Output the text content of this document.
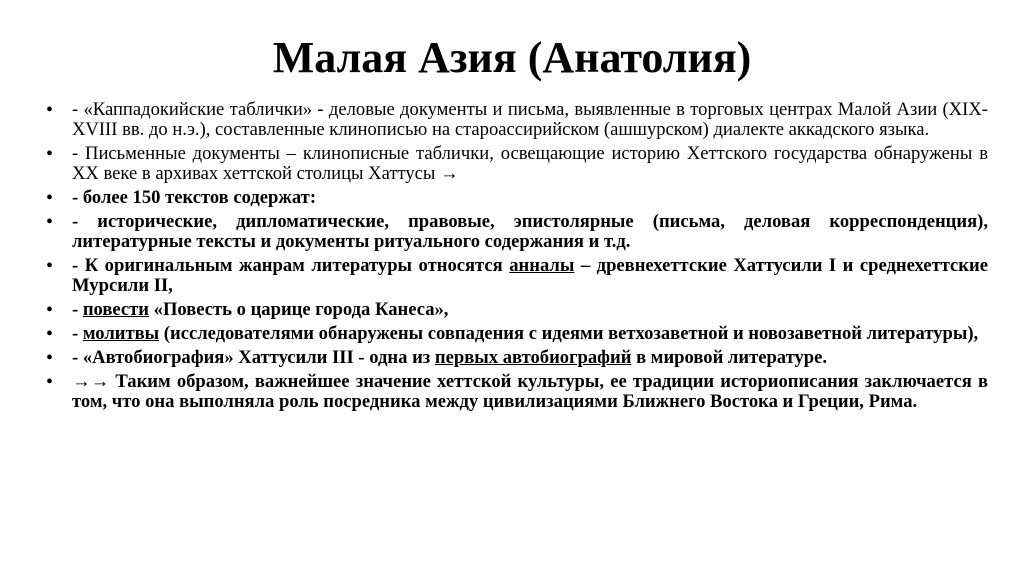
Малая Азия (Анатолия)
• - «Каппадокийские таблички» - деловые документы и письма, выявленные в торговых центрах Малой Азии (XIX-XVIII вв. до н.э.), составленные клинописью на староассирийском (ашшурском) диалекте аккадского языка.
• - Письменные документы – клинописные таблички, освещающие историю Хеттского государства обнаружены в XX веке в архивах хеттской столицы Хаттусы →
• - более 150 текстов содержат:
• - исторические, дипломатические, правовые, эпистолярные (письма, деловая корреспонденция), литературные тексты и документы ритуального содержания и т.д.
• - К оригинальным жанрам литературы относятся анналы – древнехеттские Хаттусили I и среднехеттские Мурсили II,
• - повести «Повесть о царице города Канеса»,
• - молитвы (исследователями обнаружены совпадения с идеями ветхозаветной и новозаветной литературы),
• - «Автобиография» Хаттусили III - одна из первых автобиографий в мировой литературе.
• →→ Таким образом, важнейшее значение хеттской культуры, ее традиции историописания заключается в том, что она выполняла роль посредника между цивилизациями Ближнего Востока и Греции, Рима.
